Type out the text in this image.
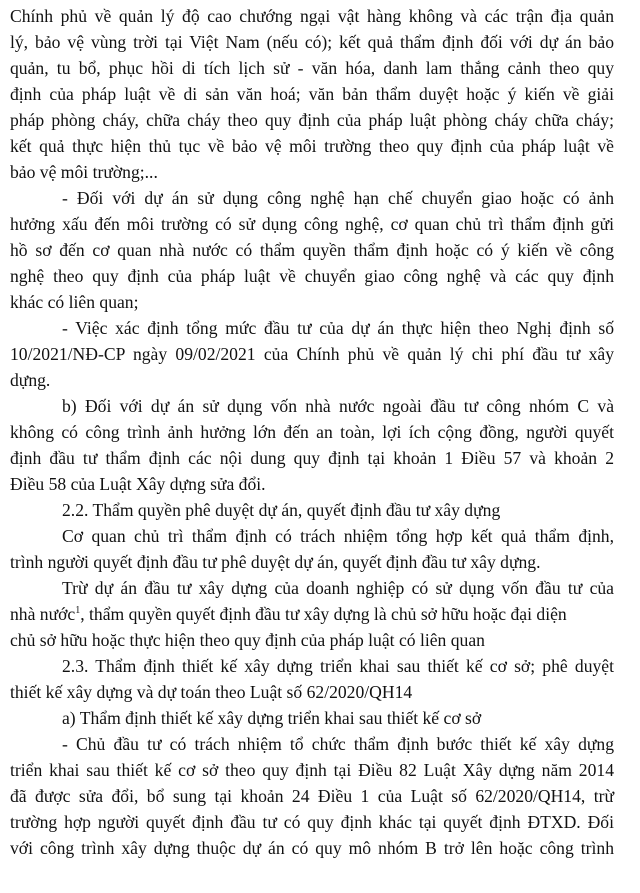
Chính phủ về quản lý độ cao chướng ngại vật hàng không và các trận địa quản

lý, bảo vệ vùng trời tại Việt Nam (nếu có); kết quả thẩm định đối với dự án bảo

quản, tu bổ, phục hồi di tích lịch sử - văn hóa, danh lam thắng cảnh theo quy

định của pháp luật về di sản văn hoá; văn bản thẩm duyệt hoặc ý kiến về giải

pháp phòng cháy, chữa cháy theo quy định của pháp luật phòng cháy chữa cháy;

kết quả thực hiện thủ tục về bảo vệ môi trường theo quy định của pháp luật về

bảo vệ môi trường;...

- Đối với dự án sử dụng công nghệ hạn chế chuyển giao hoặc có ảnh

hưởng xấu đến môi trường có sử dụng công nghệ, cơ quan chủ trì thẩm định gửi

hồ sơ đến cơ quan nhà nước có thẩm quyền thẩm định hoặc có ý kiến về công

nghệ theo quy định của pháp luật về chuyển giao công nghệ và các quy định

khác có liên quan;

- Việc xác định tổng mức đầu tư của dự án thực hiện theo Nghị định số

10/2021/NĐ-CP ngày 09/02/2021 của Chính phủ về quản lý chi phí đầu tư xây

dựng.

b) Đối với dự án sử dụng vốn nhà nước ngoài đầu tư công nhóm C và

không có công trình ảnh hưởng lớn đến an toàn, lợi ích cộng đồng, người quyết

định đầu tư thẩm định các nội dung quy định tại khoản 1 Điều 57 và khoản 2

Điều 58 của Luật Xây dựng sửa đổi.

2.2. Thẩm quyền phê duyệt dự án, quyết định đầu tư xây dựng

Cơ quan chủ trì thẩm định có trách nhiệm tổng hợp kết quả thẩm định,

trình người quyết định đầu tư phê duyệt dự án, quyết định đầu tư xây dựng.

Trừ dự án đầu tư xây dựng của doanh nghiệp có sử dụng vốn đầu tư của

nhà nước$^1$, thẩm quyền quyết định đầu tư xây dựng là chủ sở hữu hoặc đại diện

chủ sở hữu hoặc thực hiện theo quy định của pháp luật có liên quan

2.3. Thẩm định thiết kế xây dựng triển khai sau thiết kế cơ sở; phê duyệt

thiết kế xây dựng và dự toán theo Luật số 62/2020/QH14

a) Thẩm định thiết kế xây dựng triển khai sau thiết kế cơ sở

- Chủ đầu tư có trách nhiệm tổ chức thẩm định bước thiết kế xây dựng

triển khai sau thiết kế cơ sở theo quy định tại Điều 82 Luật Xây dựng năm 2014

đã được sửa đổi, bổ sung tại khoản 24 Điều 1 của Luật số 62/2020/QH14, trừ

trường hợp người quyết định đầu tư có quy định khác tại quyết định ĐTXD. Đối

với công trình xây dựng thuộc dự án có quy mô nhóm B trở lên hoặc công trình
